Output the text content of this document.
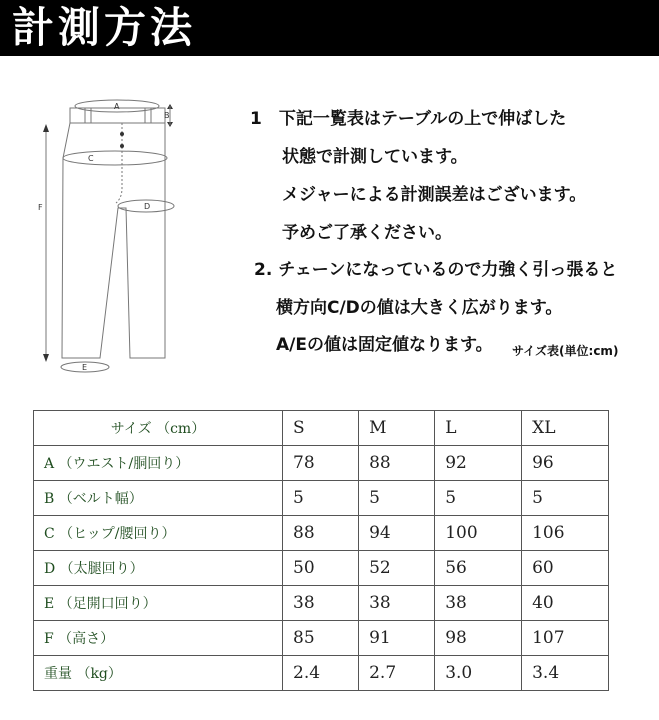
計測方法
A
B
C
D
E
F
1　下記一覧表はテーブルの上で伸ばした
状態で計測しています。
メジャーによる計測誤差はございます。
予めご了承ください。
2. チェーンになっているので力強く引っ張ると
横方向C/Dの値は大きく広がります。
A/Eの値は固定値なります。 サイズ表(単位:cm)
サイズ （cm）	S	M	L	XL
A （ウエスト/胴回り）	78	88	92	96
B （ベルト幅）	5	5	5	5
C （ヒップ/腰回り）	88	94	100	106
D （太腿回り）	50	52	56	60
E （足開口回り）	38	38	38	40
F （高さ）	85	91	98	107
重量 （kg）	2.4	2.7	3.0	3.4
